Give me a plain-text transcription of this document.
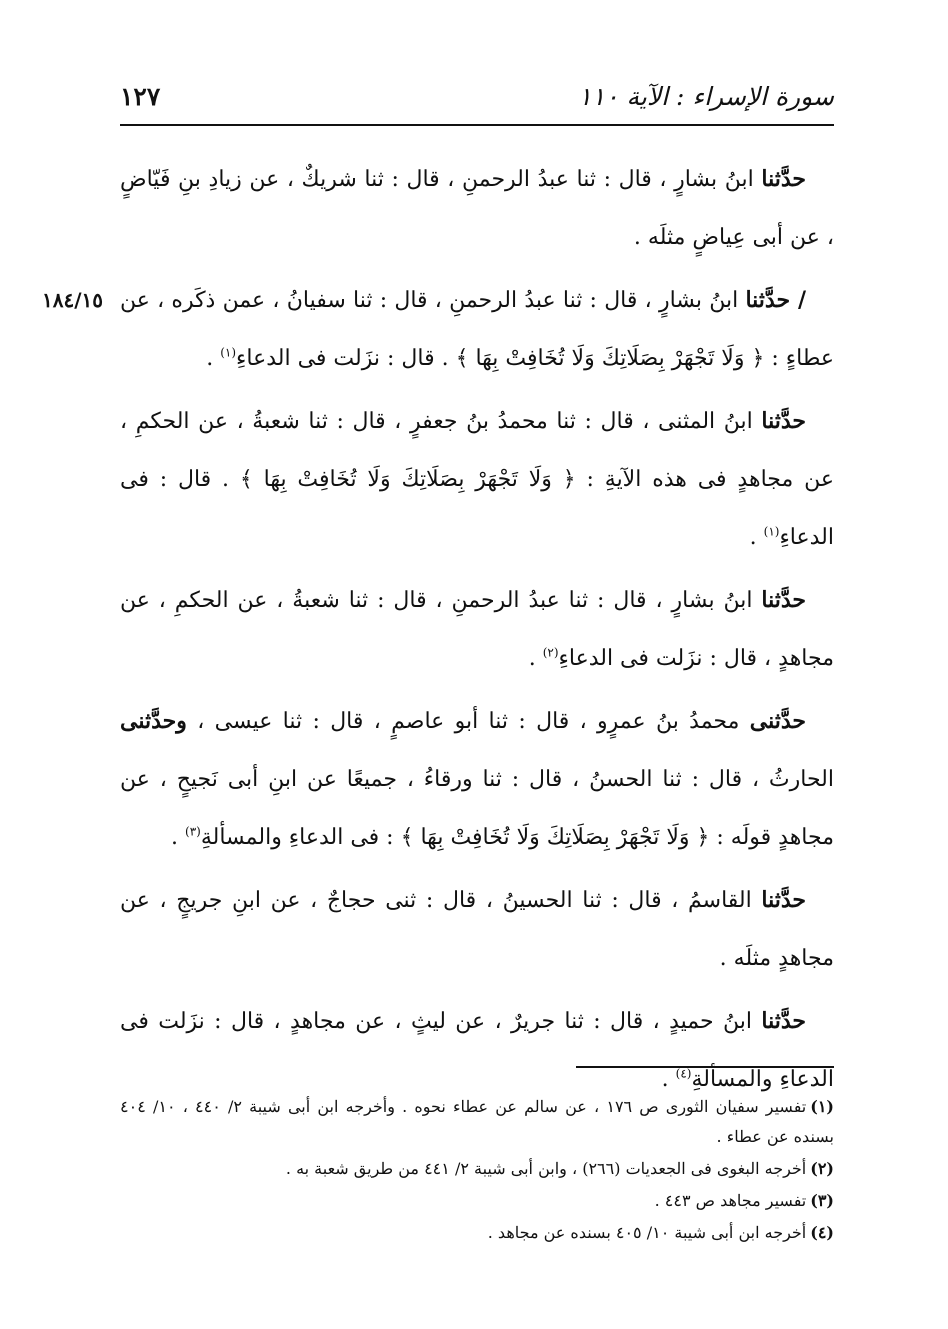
سورة الإسراء : الآية ١١٠
١٢٧
١٨٤/١٥

حدَّثنا ابنُ بشارٍ ، قال : ثنا عبدُ الرحمنِ ، قال : ثنا شريكٌ ، عن زيادِ بنِ فَيّاضٍ ، عن أبى عِياضٍ مثلَه .

/ حدَّثنا ابنُ بشارٍ ، قال : ثنا عبدُ الرحمنِ ، قال : ثنا سفيانُ ، عمن ذكَره ، عن عطاءٍ : ﴿ وَلَا تَجْهَرْ بِصَلَاتِكَ وَلَا تُخَافِتْ بِهَا ﴾ . قال : نزَلت فى الدعاءِ$^{(١)}$ .

حدَّثنا ابنُ المثنى ، قال : ثنا محمدُ بنُ جعفرٍ ، قال : ثنا شعبةُ ، عن الحكمِ ، عن مجاهدٍ فى هذه الآيةِ : ﴿ وَلَا تَجْهَرْ بِصَلَاتِكَ وَلَا تُخَافِتْ بِهَا ﴾ . قال : فى الدعاءِ$^{(١)}$ .

حدَّثنا ابنُ بشارٍ ، قال : ثنا عبدُ الرحمنِ ، قال : ثنا شعبةُ ، عن الحكمِ ، عن مجاهدٍ ، قال : نزَلت فى الدعاءِ$^{(٢)}$ .

حدَّثنى محمدُ بنُ عمرٍو ، قال : ثنا أبو عاصمٍ ، قال : ثنا عيسى ، وحدَّثنى الحارثُ ، قال : ثنا الحسنُ ، قال : ثنا ورقاءُ ، جميعًا عن ابنِ أبى نَجيحٍ ، عن مجاهدٍ قولَه : ﴿ وَلَا تَجْهَرْ بِصَلَاتِكَ وَلَا تُخَافِتْ بِهَا ﴾ : فى الدعاءِ والمسألةِ$^{(٣)}$ .

حدَّثنا القاسمُ ، قال : ثنا الحسينُ ، قال : ثنى حجاجٌ ، عن ابنِ جريجٍ ، عن مجاهدٍ مثلَه .

حدَّثنا ابنُ حميدٍ ، قال : ثنا جريرٌ ، عن ليثٍ ، عن مجاهدٍ ، قال : نزَلت فى الدعاءِ والمسألةِ$^{(٤)}$ .

(١)تفسير سفيان الثورى ص ١٧٦ ، عن سالم عن عطاء نحوه . وأخرجه ابن أبى شيبة ٢/ ٤٤٠ ، ١٠/ ٤٠٤ بسنده عن عطاء .

(٢)أخرجه البغوى فى الجعديات (٢٦٦) ، وابن أبى شيبة ٢/ ٤٤١ من طريق شعبة به .

(٣)تفسير مجاهد ص ٤٤٣ .

(٤)أخرجه ابن أبى شيبة ١٠/ ٤٠٥ بسنده عن مجاهد .
